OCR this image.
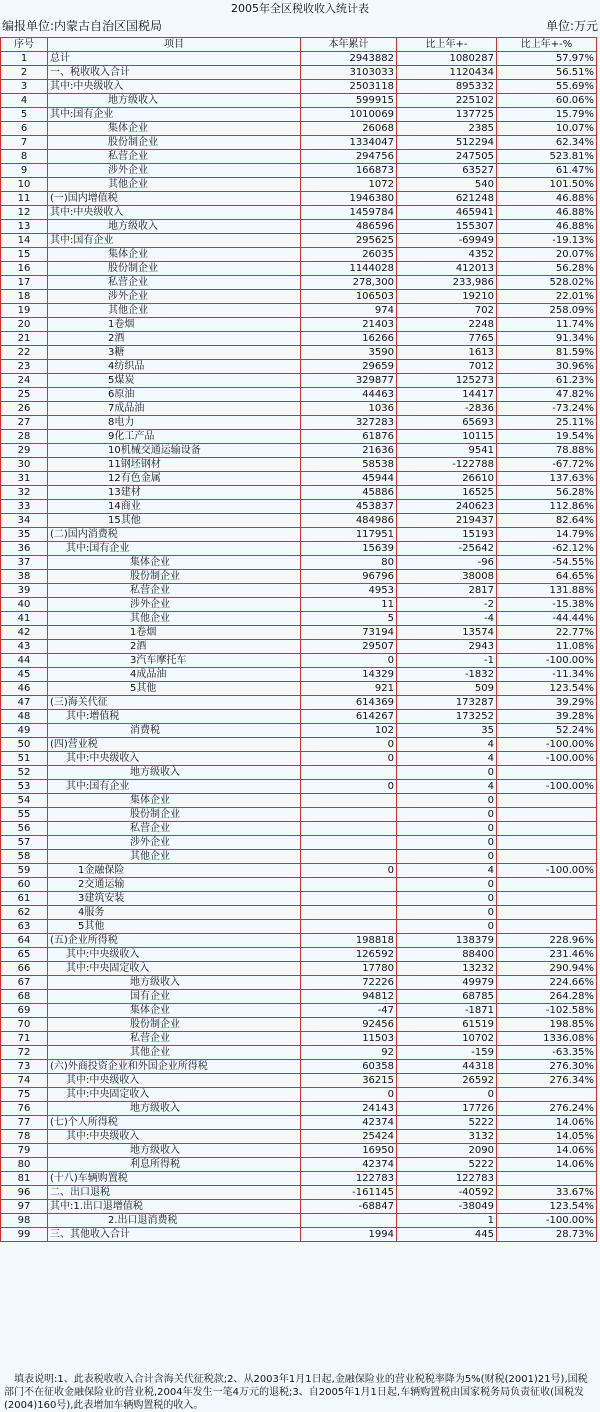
2005年全区税收收入统计表
编报单位:内蒙古自治区国税局	单位:万元
序号	项目	本年累计	比上年+-	比上年+-%
1	总计	2943882	1080287	57.97%
2	一、税收收入合计	3103033	1120434	56.51%
3	其中:中央级收入	2503118	895332	55.69%
4	地方级收入	599915	225102	60.06%
5	其中:国有企业	1010069	137725	15.79%
6	集体企业	26068	2385	10.07%
7	股份制企业	1334047	512294	62.34%
8	私营企业	294756	247505	523.81%
9	涉外企业	166873	63527	61.47%
10	其他企业	1072	540	101.50%
11	(一)国内增值税	1946380	621248	46.88%
12	其中:中央级收入	1459784	465941	46.88%
13	地方级收入	486596	155307	46.88%
14	其中:国有企业	295625	-69949	-19.13%
15	集体企业	26035	4352	20.07%
16	股份制企业	1144028	412013	56.28%
17	私营企业	278,300	233,986	528.02%
18	涉外企业	106503	19210	22.01%
19	其他企业	974	702	258.09%
20	1卷烟	21403	2248	11.74%
21	2酒	16266	7765	91.34%
22	3糖	3590	1613	81.59%
23	4纺织品	29659	7012	30.96%
24	5煤炭	329877	125273	61.23%
25	6原油	44463	14417	47.82%
26	7成品油	1036	-2836	-73.24%
27	8电力	327283	65693	25.11%
28	9化工产品	61876	10115	19.54%
29	10机械交通运输设备	21636	9541	78.88%
30	11钢坯钢材	58538	-122788	-67.72%
31	12有色金属	45944	26610	137.63%
32	13建材	45886	16525	56.28%
33	14商业	453837	240623	112.86%
34	15其他	484986	219437	82.64%
35	(二)国内消费税	117951	15193	14.79%
36	其中:国有企业	15639	-25642	-62.12%
37	集体企业	80	-96	-54.55%
38	股份制企业	96796	38008	64.65%
39	私营企业	4953	2817	131.88%
40	涉外企业	11	-2	-15.38%
41	其他企业	5	-4	-44.44%
42	1卷烟	73194	13574	22.77%
43	2酒	29507	2943	11.08%
44	3汽车摩托车	0	-1	-100.00%
45	4成品油	14329	-1832	-11.34%
46	5其他	921	509	123.54%
47	(三)海关代征	614369	173287	39.29%
48	其中:增值税	614267	173252	39.28%
49	消费税	102	35	52.24%
50	(四)营业税	0	4	-100.00%
51	其中:中央级收入	0	4	-100.00%
52	地方级收入		0	
53	其中:国有企业	0	4	-100.00%
54	集体企业		0	
55	股份制企业		0	
56	私营企业		0	
57	涉外企业		0	
58	其他企业		0	
59	1金融保险	0	4	-100.00%
60	2交通运输		0	
61	3建筑安装		0	
62	4服务		0	
63	5其他		0	
64	(五)企业所得税	198818	138379	228.96%
65	其中:中央级收入	126592	88400	231.46%
66	其中:中央固定收入	17780	13232	290.94%
67	地方级收入	72226	49979	224.66%
68	国有企业	94812	68785	264.28%
69	集体企业	-47	-1871	-102.58%
70	股份制企业	92456	61519	198.85%
71	私营企业	11503	10702	1336.08%
72	其他企业	92	-159	-63.35%
73	(六)外商投资企业和外国企业所得税	60358	44318	276.30%
74	其中:中央级收入	36215	26592	276.34%
75	其中:中央固定收入	0	0	
76	地方级收入	24143	17726	276.24%
77	(七)个人所得税	42374	5222	14.06%
78	其中:中央级收入	25424	3132	14.05%
79	地方级收入	16950	2090	14.06%
80	利息所得税	42374	5222	14.06%
81	(十八)车辆购置税	122783	122783	
96	二、出口退税	-161145	-40592	33.67%
97	其中:1.出口退增值税	-68847	-38049	123.54%
98	2.出口退消费税		1	-100.00%
99	三、其他收入合计	1994	445	28.73%
填表说明:1、此表税收收入合计含海关代征税款;2、从2003年1月1日起,金融保险业的营业税税率降为5%(财税(2001)21号),国税部门不在征收金融保险业的营业税,2004年发生一笔4万元的退税;3、自2005年1月1日起,车辆购置税由国家税务局负责征收(国税发(2004)160号),此表增加车辆购置税的收入。
